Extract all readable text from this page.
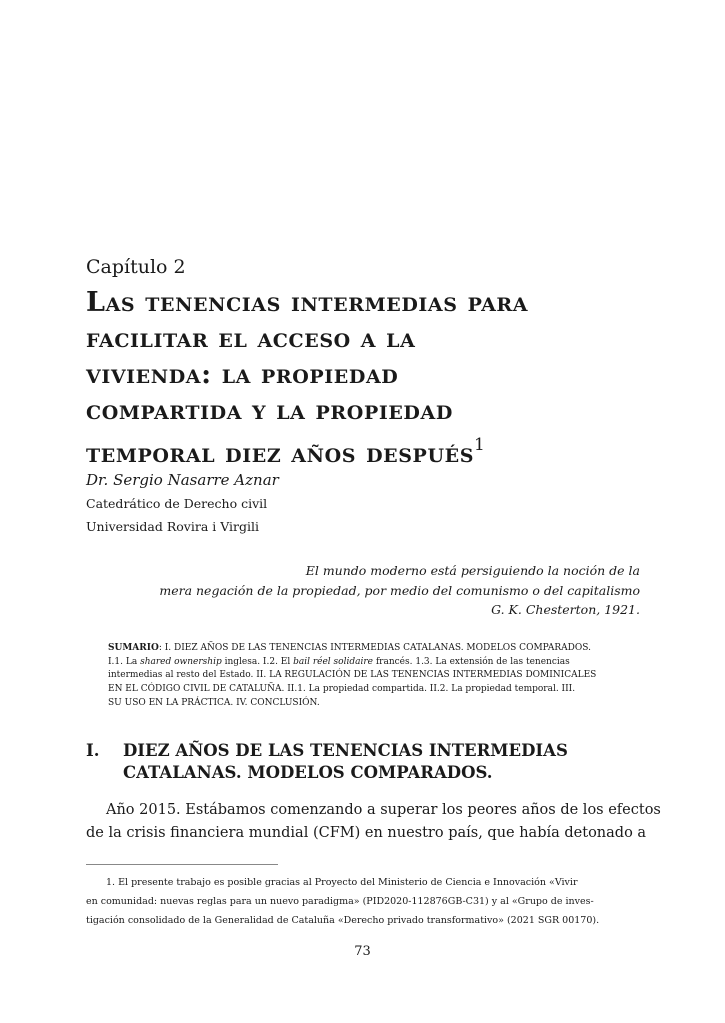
Capítulo 2
Las tenencias intermedias para
facilitar el acceso a la
vivienda: la propiedad
compartida y la propiedad
temporal diez años después$^1$
Dr. Sergio Nasarre Aznar
Catedrático de Derecho civil
Universidad Rovira i Virgili
El mundo moderno está persiguiendo la noción de la
mera negación de la propiedad, por medio del comunismo o del capitalismo
G. K. Chesterton, 1921.
SUMARIO: I. DIEZ AÑOS DE LAS TENENCIAS INTERMEDIAS CATALANAS. MODELOS COMPARADOS.
I.1. La shared ownership inglesa. I.2. El bail réel solidaire francés. 1.3. La extensión de las tenencias
intermedias al resto del Estado. II. LA REGULACIÓN DE LAS TENENCIAS INTERMEDIAS DOMINICALES
EN EL CÓDIGO CIVIL DE CATALUÑA. II.1. La propiedad compartida. II.2. La propiedad temporal. III.
SU USO EN LA PRÁCTICA. IV. CONCLUSIÓN.
I. DIEZ AÑOS DE LAS TENENCIAS INTERMEDIAS
CATALANAS. MODELOS COMPARADOS.
Año 2015. Estábamos comenzando a superar los peores años de los efectos
de la crisis financiera mundial (CFM) en nuestro país, que había detonado a
1. El presente trabajo es posible gracias al Proyecto del Ministerio de Ciencia e Innovación «Vivir
en comunidad: nuevas reglas para un nuevo paradigma» (PID2020-112876GB-C31) y al «Grupo de inves-
tigación consolidado de la Generalidad de Cataluña «Derecho privado transformativo» (2021 SGR 00170).
73
